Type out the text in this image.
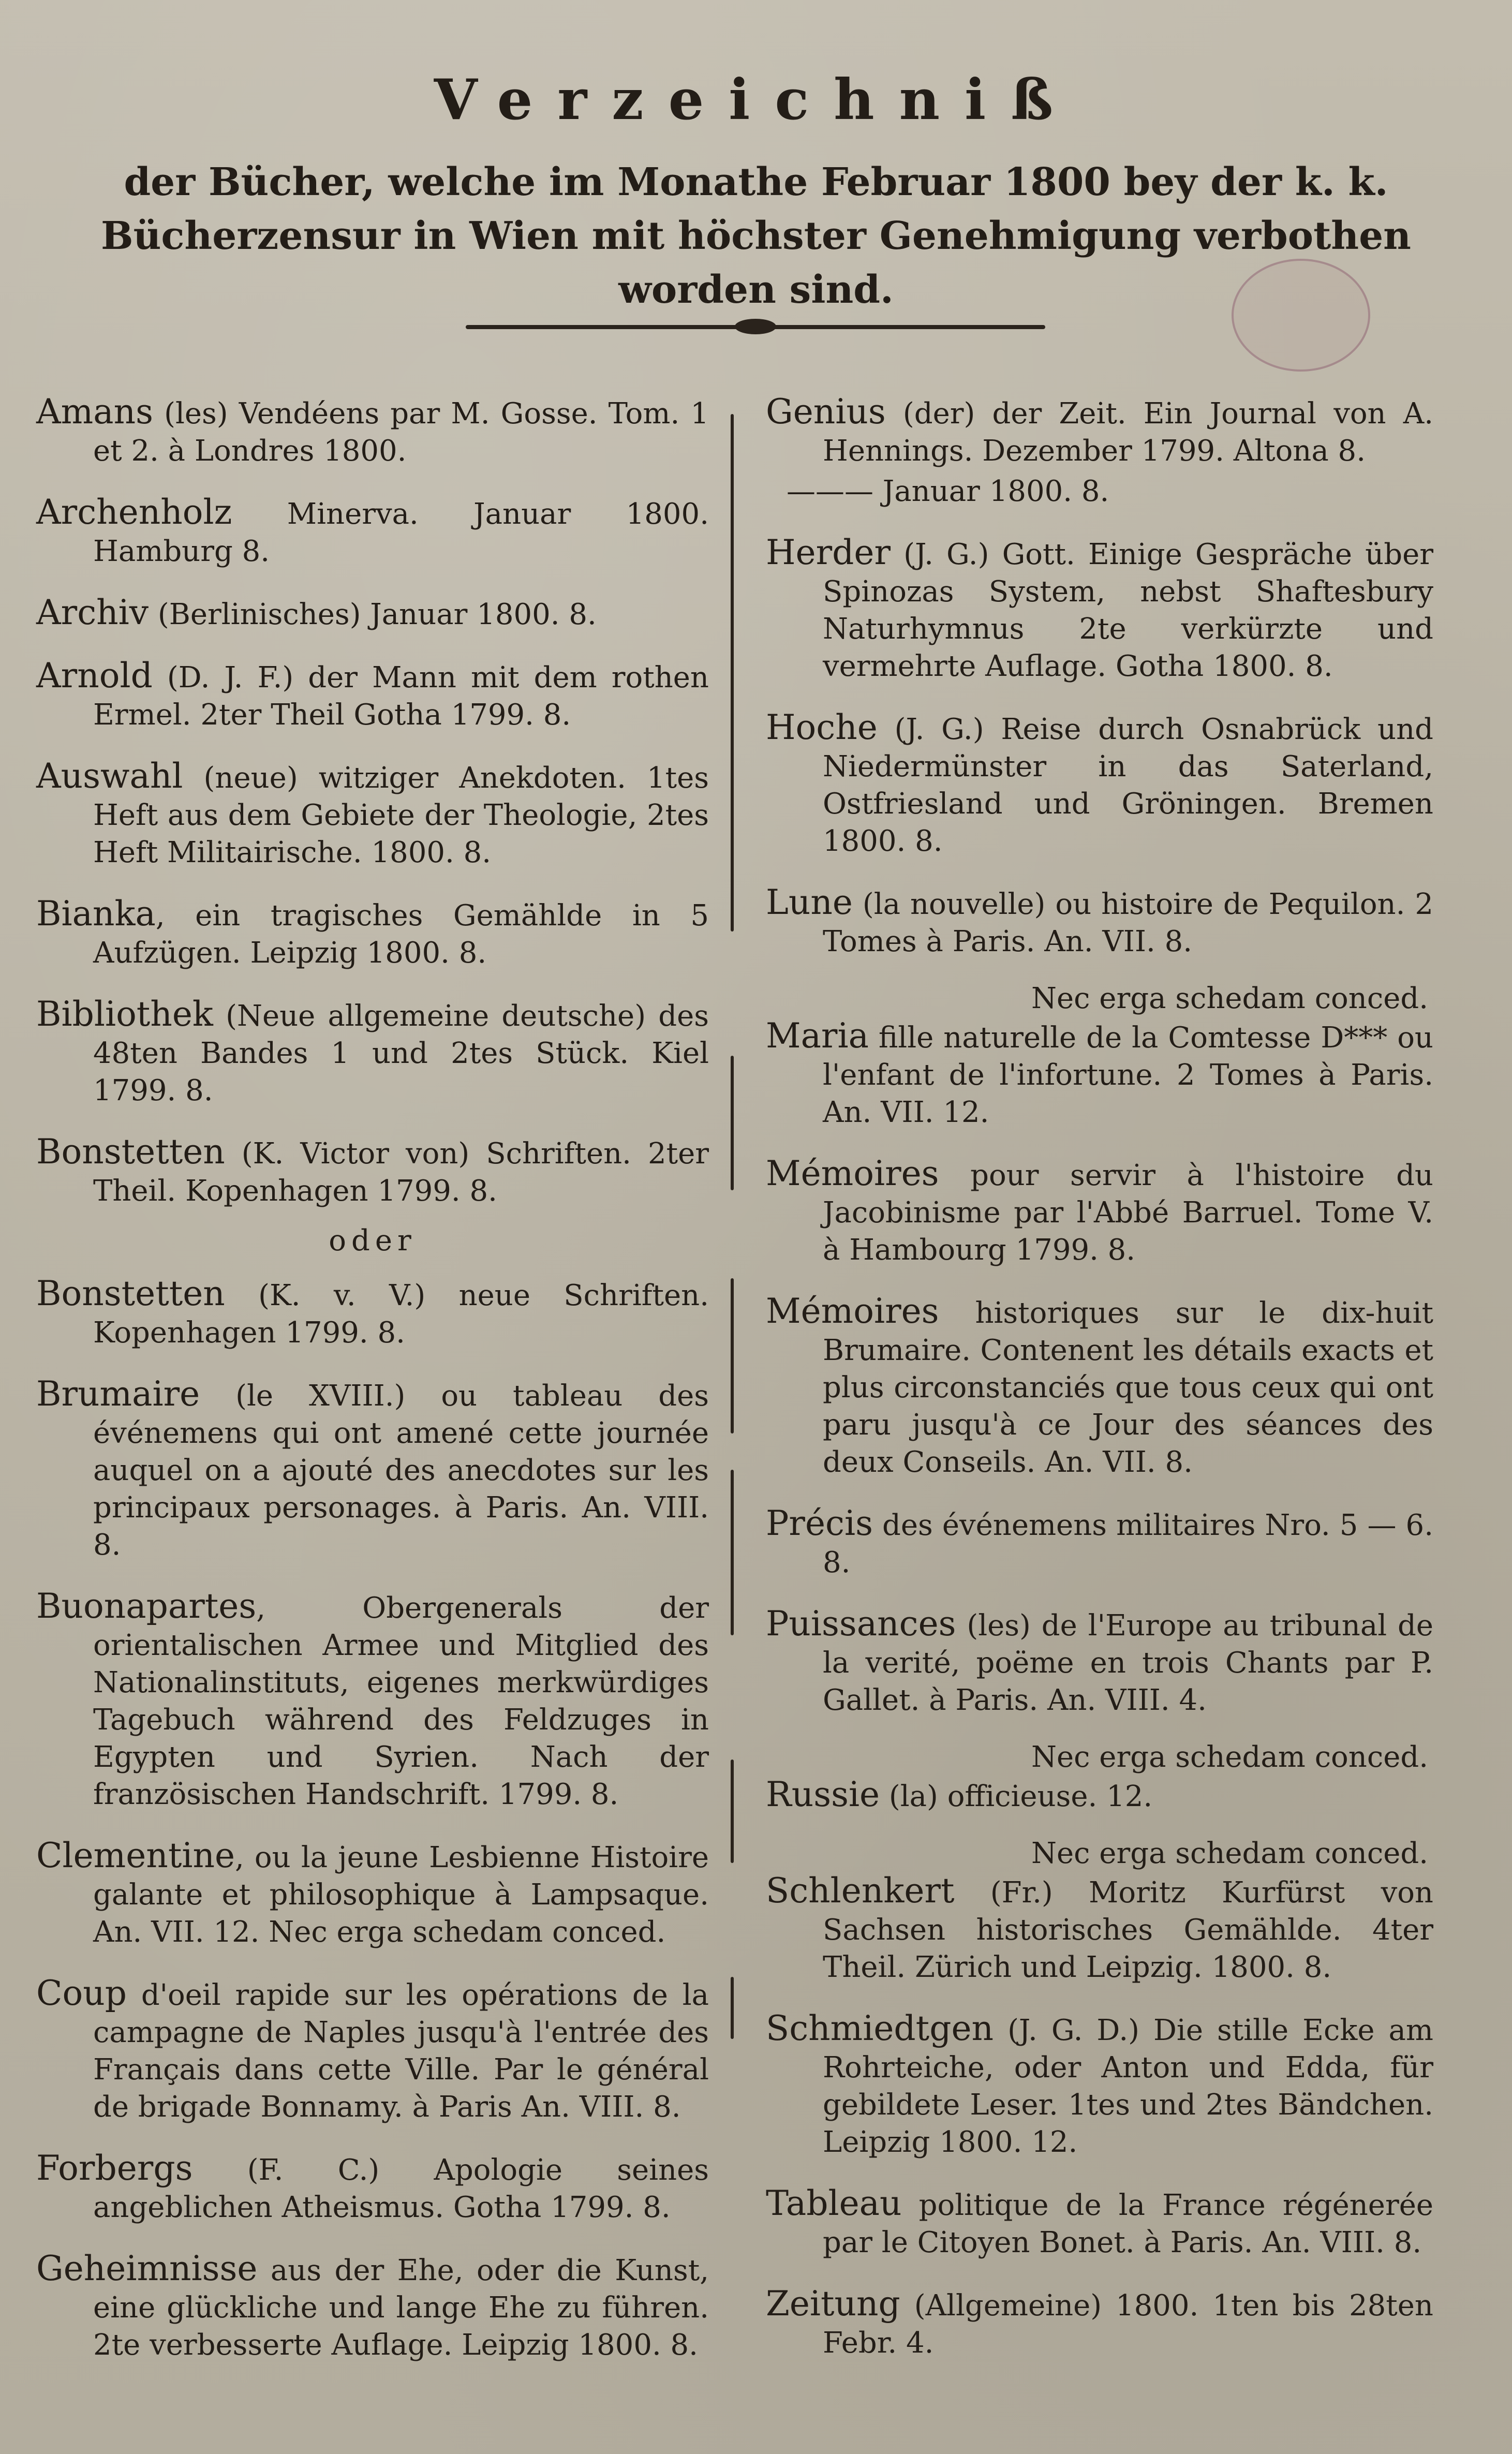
Verzeichniß
der Bücher, welche im Monathe Februar 1800 bey der k. k. Bücherzensur in Wien mit höchster Genehmigung verbothen worden sind.
Amans (les) Vendéens par M. Gosse. Tom. 1 et 2. à Londres 1800.
Archenholz Minerva. Januar 1800. Hamburg 8.
Archiv (Berlinisches) Januar 1800. 8.
Arnold (D. J. F.) der Mann mit dem rothen Ermel. 2ter Theil Gotha 1799. 8.
Auswahl (neue) witziger Anekdoten. 1tes Heft aus dem Gebiete der Theologie, 2tes Heft Militairische. 1800. 8.
Bianka, ein tragisches Gemählde in 5 Aufzügen. Leipzig 1800. 8.
Bibliothek (Neue allgemeine deutsche) des 48ten Bandes 1 und 2tes Stück. Kiel 1799. 8.
Bonstetten (K. Victor von) Schriften. 2ter Theil. Kopenhagen 1799. 8.
oder
Bonstetten (K. v. V.) neue Schriften. Kopenhagen 1799. 8.
Brumaire (le XVIII.) ou tableau des événemens qui ont amené cette journée auquel on a ajouté des anecdotes sur les principaux personages. à Paris. An. VIII. 8.
Buonapartes, Obergenerals der orientalischen Armee und Mitglied des Nationalinstituts, eigenes merkwürdiges Tagebuch während des Feldzuges in Egypten und Syrien. Nach der französischen Handschrift. 1799. 8.
Clementine, ou la jeune Lesbienne Histoire galante et philosophique à Lampsaque. An. VII. 12. Nec erga schedam conced.
Coup d'oeil rapide sur les opérations de la campagne de Naples jusqu'à l'entrée des Français dans cette Ville. Par le général de brigade Bonnamy. à Paris An. VIII. 8.
Forbergs (F. C.) Apologie seines angeblichen Atheismus. Gotha 1799. 8.
Geheimnisse aus der Ehe, oder die Kunst, eine glückliche und lange Ehe zu führen. 2te verbesserte Auflage. Leipzig 1800. 8.
Genius (der) der Zeit. Ein Journal von A. Hennings. Dezember 1799. Altona 8.
——— Januar 1800. 8.
Herder (J. G.) Gott. Einige Gespräche über Spinozas System, nebst Shaftesbury Naturhymnus 2te verkürzte und vermehrte Auflage. Gotha 1800. 8.
Hoche (J. G.) Reise durch Osnabrück und Niedermünster in das Saterland, Ostfriesland und Gröningen. Bremen 1800. 8.
Lune (la nouvelle) ou histoire de Pequilon. 2 Tomes à Paris. An. VII. 8.
Nec erga schedam conced.
Maria fille naturelle de la Comtesse D*** ou l'enfant de l'infortune. 2 Tomes à Paris. An. VII. 12.
Mémoires pour servir à l'histoire du Jacobinisme par l'Abbé Barruel. Tome V. à Hambourg 1799. 8.
Mémoires historiques sur le dix-huit Brumaire. Contenent les détails exacts et plus circonstanciés que tous ceux qui ont paru jusqu'à ce Jour des séances des deux Conseils. An. VII. 8.
Précis des événemens militaires Nro. 5 — 6. 8.
Puissances (les) de l'Europe au tribunal de la verité, poëme en trois Chants par P. Gallet. à Paris. An. VIII. 4.
Nec erga schedam conced.
Russie (la) officieuse. 12.
Nec erga schedam conced.
Schlenkert (Fr.) Moritz Kurfürst von Sachsen historisches Gemählde. 4ter Theil. Zürich und Leipzig. 1800. 8.
Schmiedtgen (J. G. D.) Die stille Ecke am Rohrteiche, oder Anton und Edda, für gebildete Leser. 1tes und 2tes Bändchen. Leipzig 1800. 12.
Tableau politique de la France régénerée par le Citoyen Bonet. à Paris. An. VIII. 8.
Zeitung (Allgemeine) 1800. 1ten bis 28ten Febr. 4.
